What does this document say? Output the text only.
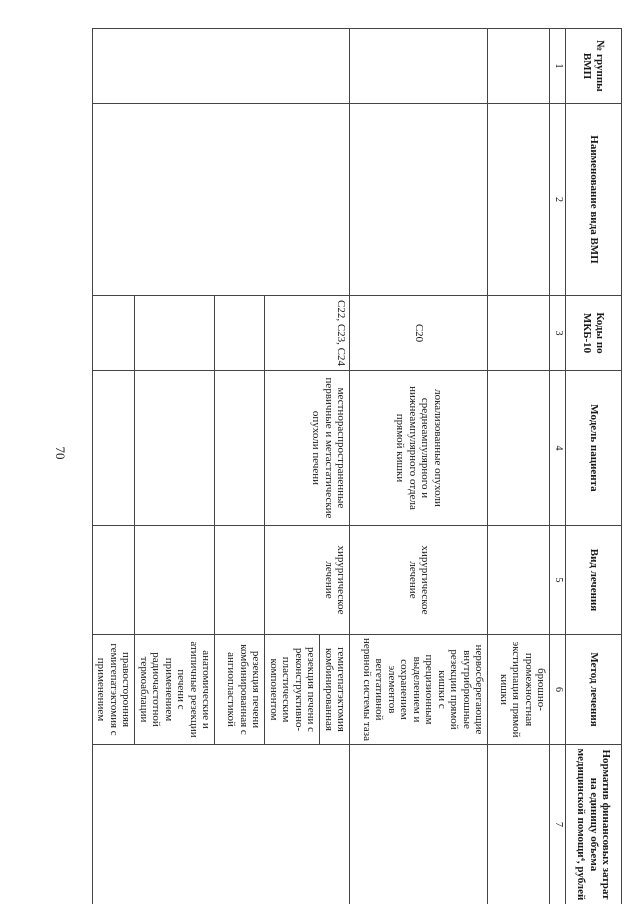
70
№ группы ВМП	Наименование вида ВМП	Коды по МКБ-10	Модель пациента	Вид лечения	Метод лечения	Норматив финансовых затрат на единицу объема медицинской помощи⁴, рублей
1	2	3	4	5	6	7
					брюшно-промежностная экстирпация прямой кишки	
		C20	локализованные опухоли среднеампулярного и нижнеампулярного отдела прямой кишки	хирургическое лечение	нервосберегающие внутрибрюшные резекции прямой кишки с прецизионным выделением и сохранением элементов вегетативной нервной системы таза	
		C22, C23, C24	местнораспространенные первичные и метастатические опухоли печени	хирургическое лечение	гемигепатэктомия комбинированная	
					резекция печени с реконструктивно-пластическим компонентом	
					резекция печени комбинированная с ангиопластикой	
					анатомические и атипичные резекции печени с применением радиочастотной термоаблации	
					правосторонняя гемигепатэктомия с применением	
